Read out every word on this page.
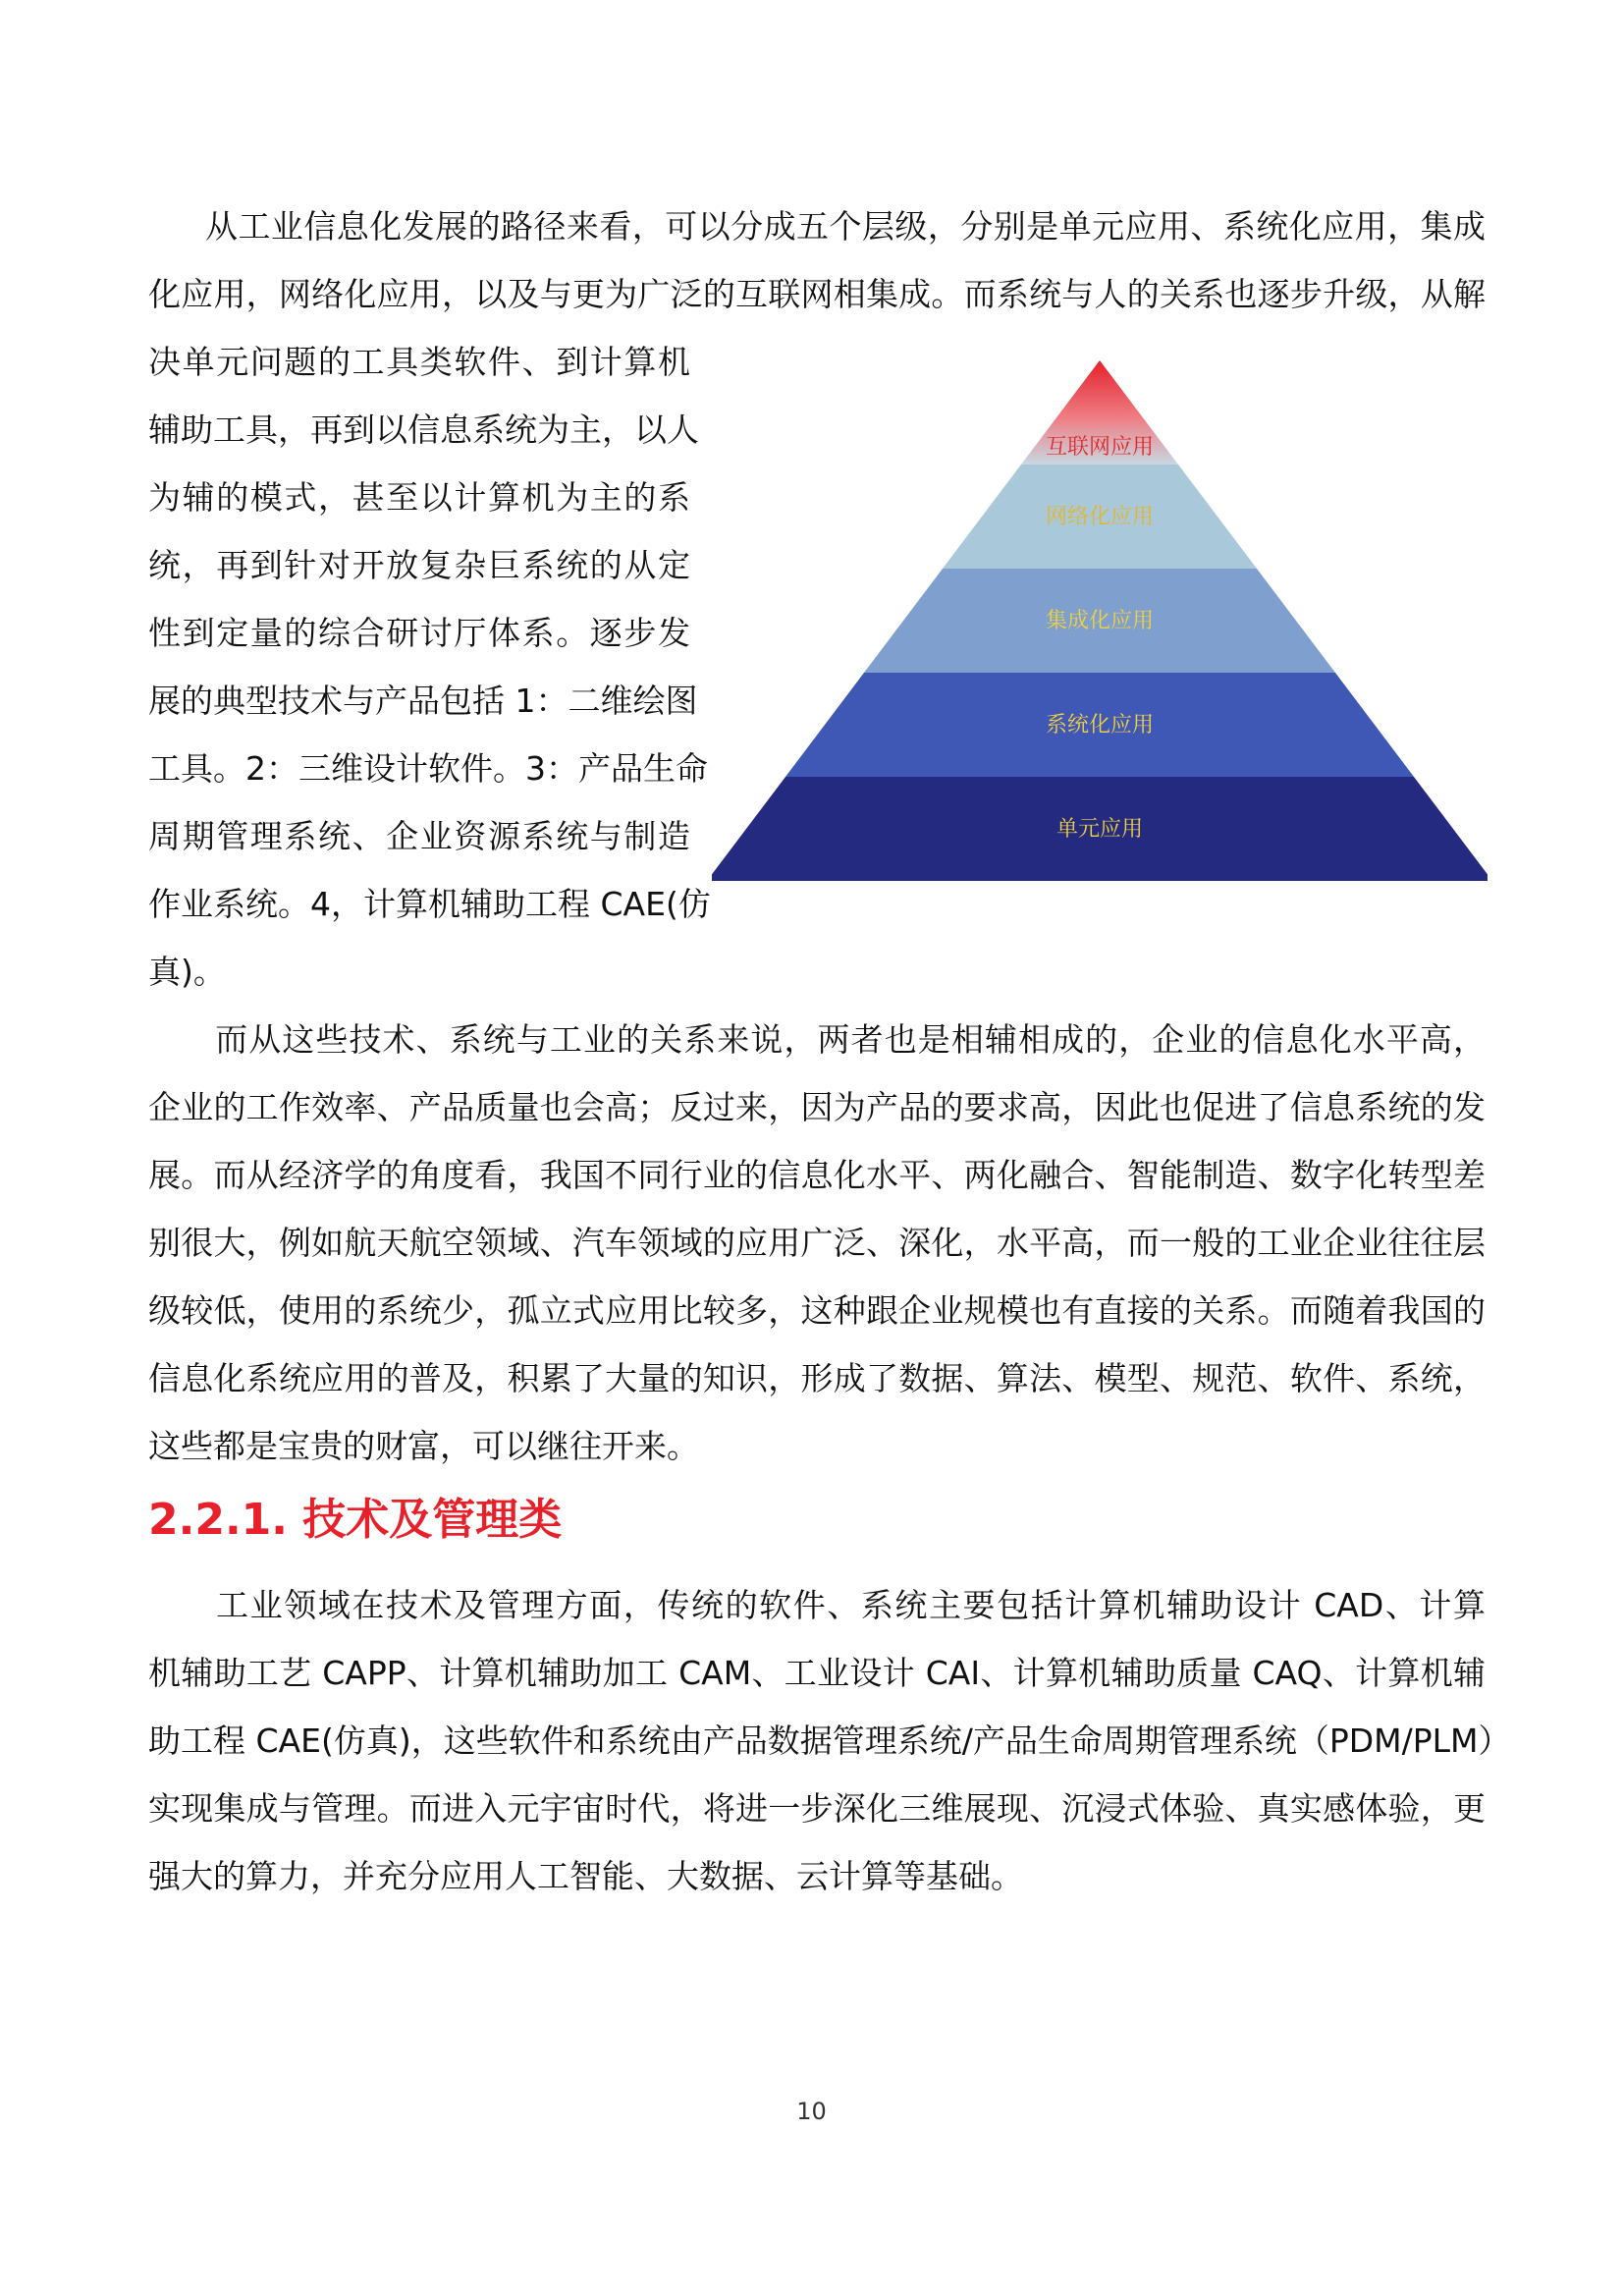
从工业信息化发展的路径来看，可以分成五个层级，分别是单元应用、系统化应用，集成
化应用，网络化应用，以及与更为广泛的互联网相集成。而系统与人的关系也逐步升级，从解
决单元问题的工具类软件、到计算机
辅助工具，再到以信息系统为主，以人
为辅的模式，甚至以计算机为主的系
统，再到针对开放复杂巨系统的从定
性到定量的综合研讨厅体系。逐步发
展的典型技术与产品包括 1：二维绘图
工具。2：三维设计软件。3：产品生命
周期管理系统、企业资源系统与制造
作业系统。4，计算机辅助工程 CAE(仿
真)。
互联网应用
网络化应用
集成化应用
系统化应用
单元应用
　　而从这些技术、系统与工业的关系来说，两者也是相辅相成的，企业的信息化水平高，
企业的工作效率、产品质量也会高；反过来，因为产品的要求高，因此也促进了信息系统的发
展。而从经济学的角度看，我国不同行业的信息化水平、两化融合、智能制造、数字化转型差
别很大，例如航天航空领域、汽车领域的应用广泛、深化，水平高，而一般的工业企业往往层
级较低，使用的系统少，孤立式应用比较多，这种跟企业规模也有直接的关系。而随着我国的
信息化系统应用的普及，积累了大量的知识，形成了数据、算法、模型、规范、软件、系统，
这些都是宝贵的财富，可以继往开来。
2.2.1. 技术及管理类
　　工业领域在技术及管理方面，传统的软件、系统主要包括计算机辅助设计 CAD、计算
机辅助工艺 CAPP、计算机辅助加工 CAM、工业设计 CAI、计算机辅助质量 CAQ、计算机辅
助工程 CAE(仿真)，这些软件和系统由产品数据管理系统/产品生命周期管理系统（PDM/PLM）
实现集成与管理。而进入元宇宙时代，将进一步深化三维展现、沉浸式体验、真实感体验，更
强大的算力，并充分应用人工智能、大数据、云计算等基础。
10
